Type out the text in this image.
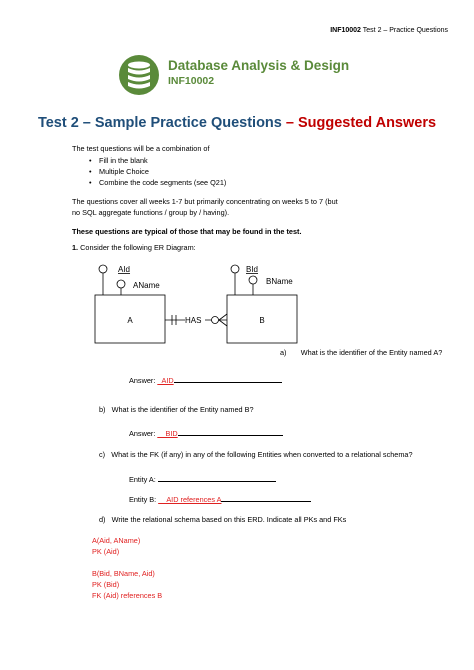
INF10002 Test 2 – Practice Questions
Database Analysis & Design
INF10002
Test 2 – Sample Practice Questions – Suggested Answers
The test questions will be a combination of
• Fill in the blank
• Multiple Choice
• Combine the code segments (see Q21)
The questions cover all weeks 1-7 but primarily concentrating on weeks 5 to 7 (but
no SQL aggregate functions / group by / having).
These questions are typical of those that may be found in the test.
1. Consider the following ER Diagram:
A	B
AId
AName
BId
BName
HAS
a) What is the identifier of the Entity named A?
Answer: _AID
b) What is the identifier of the Entity named B?
Answer: __BID
c) What is the FK (if any) in any of the following Entities when converted to a relational schema?
Entity A:
Entity B: __AID references A
d) Write the relational schema based on this ERD. Indicate all PKs and FKs
A(Aid, AName)
PK (Aid)
B(Bid, BName, Aid)
PK (Bid)
FK (Aid) references B
